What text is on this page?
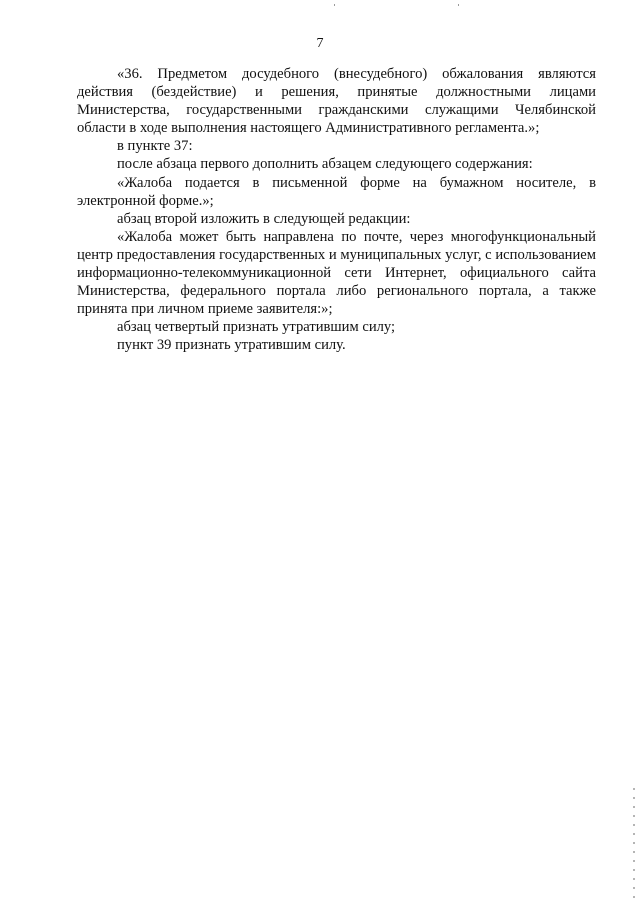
7

«36. Предметом досудебного (внесудебного) обжалования являются действия (бездействие) и решения, принятые должностными лицами Министерства, государственными гражданскими служащими Челябинской области в ходе выполнения настоящего Административного регламента.»;

в пункте 37:

после абзаца первого дополнить абзацем следующего содержания:

«Жалоба подается в письменной форме на бумажном носителе, в электронной форме.»;

абзац второй изложить в следующей редакции:

«Жалоба может быть направлена по почте, через многофункциональный центр предоставления государственных и муниципальных услуг, с использованием информационно-телекоммуникационной сети Интернет, официального сайта Министерства, федерального портала либо регионального портала, а также принята при личном приеме заявителя:»;

абзац четвертый признать утратившим силу;

пункт 39 признать утратившим силу.
